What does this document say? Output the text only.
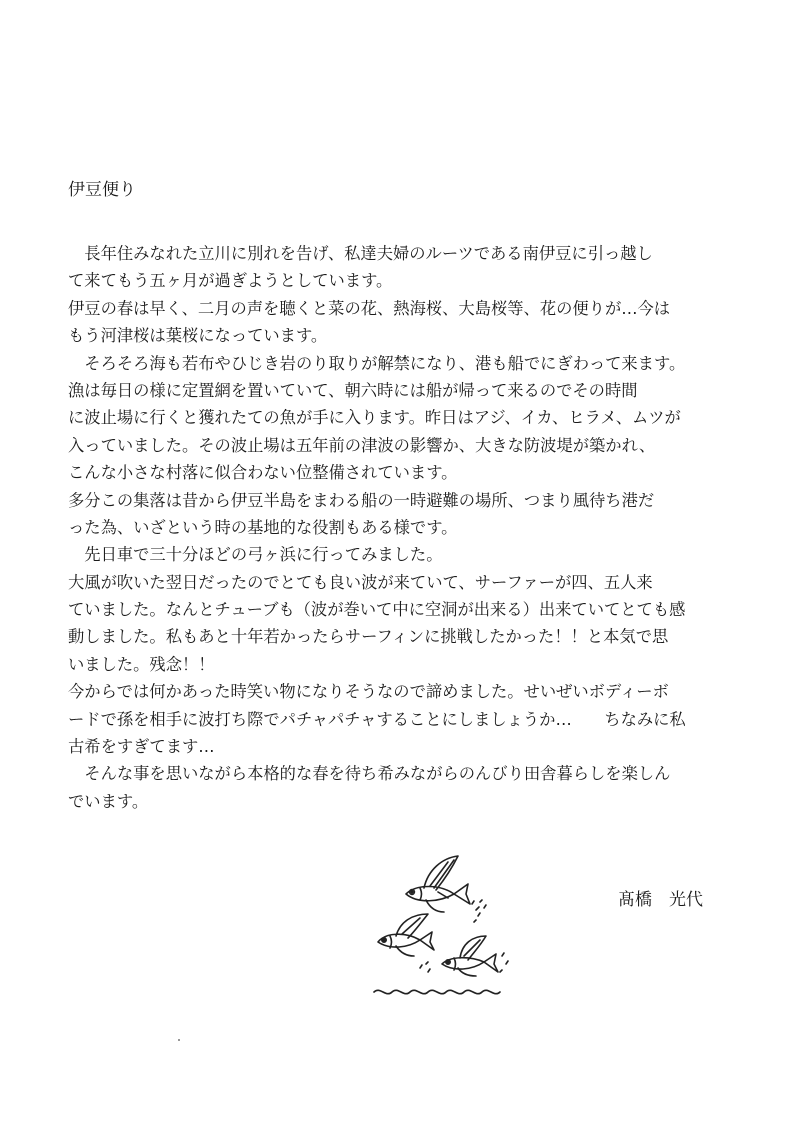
伊豆便り
　長年住みなれた立川に別れを告げ、私達夫婦のルーツである南伊豆に引っ越し
て来てもう五ヶ月が過ぎようとしています。
伊豆の春は早く、二月の声を聴くと菜の花、熱海桜、大島桜等、花の便りが…今は
もう河津桜は葉桜になっています。
　そろそろ海も若布やひじき岩のり取りが解禁になり、港も船でにぎわって来ます。
漁は毎日の様に定置網を置いていて、朝六時には船が帰って来るのでその時間
に波止場に行くと獲れたての魚が手に入ります。昨日はアジ、イカ、ヒラメ、ムツが
入っていました。その波止場は五年前の津波の影響か、大きな防波堤が築かれ、
こんな小さな村落に似合わない位整備されています。
多分この集落は昔から伊豆半島をまわる船の一時避難の場所、つまり風待ち港だ
った為、いざという時の基地的な役割もある様です。
　先日車で三十分ほどの弓ヶ浜に行ってみました。
大風が吹いた翌日だったのでとても良い波が来ていて、サーファーが四、五人来
ていました。なんとチューブも（波が巻いて中に空洞が出来る）出来ていてとても感
動しました。私もあと十年若かったらサーフィンに挑戦したかった！！と本気で思
いました。残念！！
今からでは何かあった時笑い物になりそうなので諦めました。せいぜいボディーボ
ードで孫を相手に波打ち際でパチャパチャすることにしましょうか…　　ちなみに私
古希をすぎてます…
　そんな事を思いながら本格的な春を待ち希みながらのんびり田舎暮らしを楽しん
でいます。

髙橋　光代
